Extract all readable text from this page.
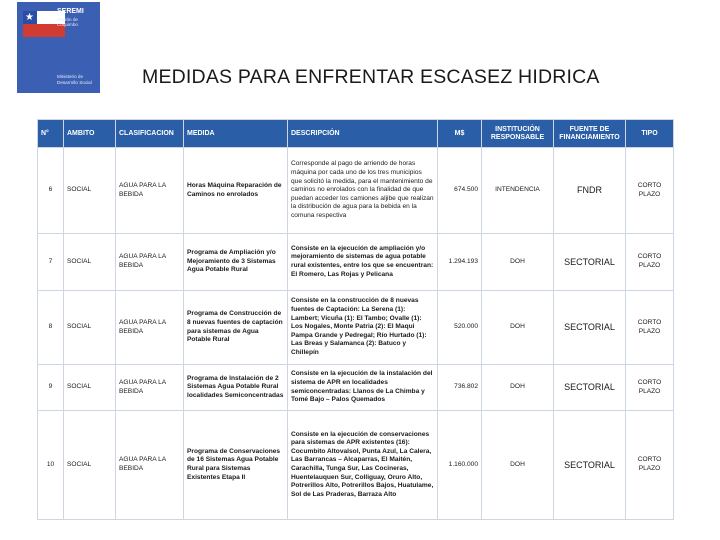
★
SEREMI
Región de Coquimbo
Ministerio de Desarrollo Social	MEDIDAS PARA ENFRENTAR ESCASEZ HIDRICA
N°	AMBITO	CLASIFICACION	MEDIDA	DESCRIPCIÓN	M$	INSTITUCIÓN RESPONSABLE	FUENTE DE FINANCIAMIENTO	TIPO
6	SOCIAL	AGUA PARA LA BEBIDA	Horas Máquina Reparación de Caminos no enrolados	Corresponde al pago de arriendo de horas máquina por cada uno de los tres municipios que solicitó la medida, para el mantenimiento de caminos no enrolados con la finalidad de que puedan acceder los camiones aljibe que realizan la distribución de agua para la bebida en la comuna respectiva	674.500	INTENDENCIA	FNDR	CORTO PLAZO
7	SOCIAL	AGUA PARA LA BEBIDA	Programa de Ampliación y/o Mejoramiento de 3 Sistemas Agua Potable Rural	Consiste en la ejecución de ampliación y/o mejoramiento de sistemas de agua potable rural existentes, entre los que se encuentran: El Romero, Las Rojas y Pelicana	1.294.193	DOH	SECTORIAL	CORTO PLAZO
8	SOCIAL	AGUA PARA LA BEBIDA	Programa de Construcción de 8 nuevas fuentes de captación para sistemas de Agua Potable Rural	Consiste en la construcción de 8 nuevas fuentes de Captación: La Serena (1): Lambert; Vicuña (1): El Tambo; Ovalle (1): Los Nogales, Monte Patria (2): El Maqui Pampa Grande y Pedregal; Río Hurtado (1): Las Breas y Salamanca (2): Batuco y Chillepín	520.000	DOH	SECTORIAL	CORTO PLAZO
9	SOCIAL	AGUA PARA LA BEBIDA	Programa de Instalación de 2 Sistemas Agua Potable Rural localidades Semiconcentradas	Consiste en la ejecución de la instalación del sistema de APR en localidades semiconcentradas: Llanos de La Chimba y Tomé Bajo – Palos Quemados	736.802	DOH	SECTORIAL	CORTO PLAZO
10	SOCIAL	AGUA PARA LA BEBIDA	Programa de Conservaciones de 16 Sistemas Agua Potable Rural para Sistemas Existentes Etapa II	Consiste en la ejecución de conservaciones para sistemas de APR existentes (16): Cocumbito Altovalsol, Punta Azul, La Calera, Las Barrancas – Alcaparras, El Maitén, Carachilla, Tunga Sur, Las Cocineras, Huentelauquen Sur, Colliguay, Oruro Alto, Potrerillos Alto, Potrerillos Bajos, Huatulame, Sol de Las Praderas, Barraza Alto	1.160.000	DOH	SECTORIAL	CORTO PLAZO
